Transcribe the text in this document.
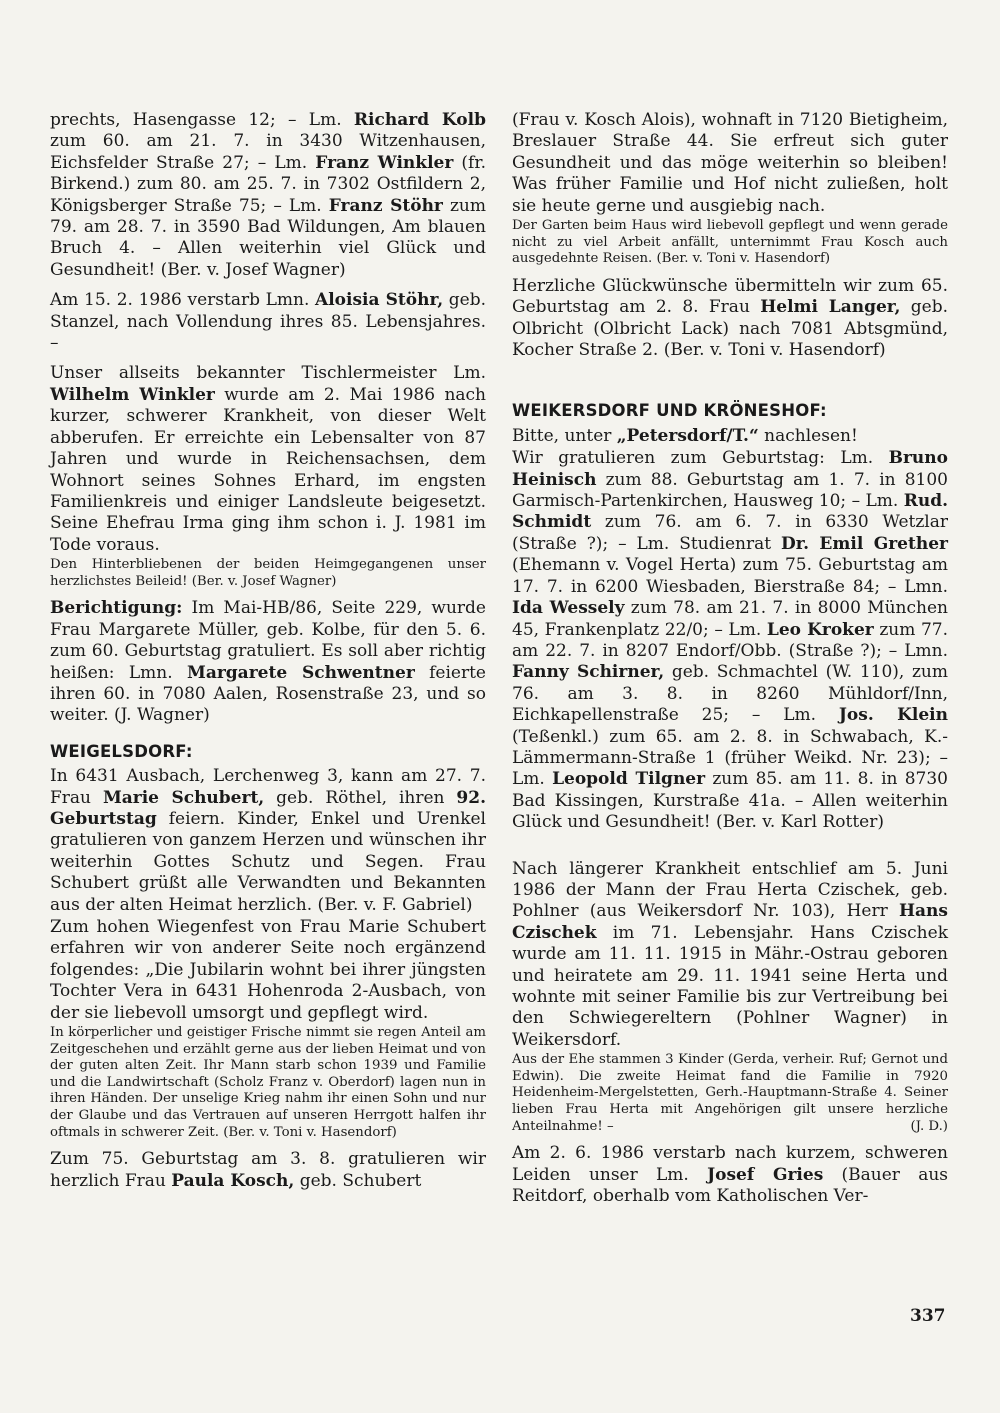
prechts, Hasengasse 12; – Lm. Richard Kolb zum 60. am 21. 7. in 3430 Witzenhausen, Eichsfelder Straße 27; – Lm. Franz Winkler (fr. Birkend.) zum 80. am 25. 7. in 7302 Ostfildern 2, Königsberger Straße 75; – Lm. Franz Stöhr zum 79. am 28. 7. in 3590 Bad Wildungen, Am blauen Bruch 4. – Allen weiterhin viel Glück und Gesundheit! (Ber. v. Josef Wagner)

Am 15. 2. 1986 verstarb Lmn. Aloisia Stöhr, geb. Stanzel, nach Vollendung ihres 85. Lebensjahres. –

Unser allseits bekannter Tischlermeister Lm. Wilhelm Winkler wurde am 2. Mai 1986 nach kurzer, schwerer Krankheit, von dieser Welt abberufen. Er erreichte ein Lebensalter von 87 Jahren und wurde in Reichensachsen, dem Wohnort seines Sohnes Erhard, im engsten Familienkreis und einiger Landsleute beigesetzt. Seine Ehefrau Irma ging ihm schon i. J. 1981 im Tode voraus.

Den Hinterbliebenen der beiden Heimgegangenen unser herzlichstes Beileid! (Ber. v. Josef Wagner)

Berichtigung: Im Mai-HB/86, Seite 229, wurde Frau Margarete Müller, geb. Kolbe, für den 5. 6. zum 60. Geburtstag gratuliert. Es soll aber richtig heißen: Lmn. Margarete Schwentner feierte ihren 60. in 7080 Aalen, Rosenstraße 23, und so weiter. (J. Wagner)

WEIGELSDORF:

In 6431 Ausbach, Lerchenweg 3, kann am 27. 7. Frau Marie Schubert, geb. Röthel, ihren 92. Geburtstag feiern. Kinder, Enkel und Urenkel gratulieren von ganzem Herzen und wünschen ihr weiterhin Gottes Schutz und Segen. Frau Schubert grüßt alle Verwandten und Bekannten aus der alten Heimat herzlich. (Ber. v. F. Gabriel)

Zum hohen Wiegenfest von Frau Marie Schubert erfahren wir von anderer Seite noch ergänzend folgendes: „Die Jubilarin wohnt bei ihrer jüngsten Tochter Vera in 6431 Hohenroda 2-Ausbach, von der sie liebevoll umsorgt und gepflegt wird.

In körperlicher und geistiger Frische nimmt sie regen Anteil am Zeitgeschehen und erzählt gerne aus der lieben Heimat und von der guten alten Zeit. Ihr Mann starb schon 1939 und Familie und die Landwirtschaft (Scholz Franz v. Oberdorf) lagen nun in ihren Händen. Der unselige Krieg nahm ihr einen Sohn und nur der Glaube und das Vertrauen auf unseren Herrgott halfen ihr oftmals in schwerer Zeit. (Ber. v. Toni v. Hasendorf)

Zum 75. Geburtstag am 3. 8. gratulieren wir herzlich Frau Paula Kosch, geb. Schubert

(Frau v. Kosch Alois), wohnaft in 7120 Bietigheim, Breslauer Straße 44. Sie erfreut sich guter Gesundheit und das möge weiterhin so bleiben! Was früher Familie und Hof nicht zuließen, holt sie heute gerne und ausgiebig nach.

Der Garten beim Haus wird liebevoll gepflegt und wenn gerade nicht zu viel Arbeit anfällt, unternimmt Frau Kosch auch ausgedehnte Reisen. (Ber. v. Toni v. Hasendorf)

Herzliche Glückwünsche übermitteln wir zum 65. Geburtstag am 2. 8. Frau Helmi Langer, geb. Olbricht (Olbricht Lack) nach 7081 Abtsgmünd, Kocher Straße 2. (Ber. v. Toni v. Hasendorf)

WEIKERSDORF UND KRÖNESHOF:

Bitte, unter „Petersdorf/T.“ nachlesen!

Wir gratulieren zum Geburtstag: Lm. Bruno Heinisch zum 88. Geburtstag am 1. 7. in 8100 Garmisch-Partenkirchen, Hausweg 10; – Lm. Rud. Schmidt zum 76. am 6. 7. in 6330 Wetzlar (Straße ?); – Lm. Studienrat Dr. Emil Grether (Ehemann v. Vogel Herta) zum 75. Geburtstag am 17. 7. in 6200 Wiesbaden, Bierstraße 84; – Lmn. Ida Wessely zum 78. am 21. 7. in 8000 München 45, Frankenplatz 22/0; – Lm. Leo Kroker zum 77. am 22. 7. in 8207 Endorf/Obb. (Straße ?); – Lmn. Fanny Schirner, geb. Schmachtel (W. 110), zum 76. am 3. 8. in 8260 Mühldorf/Inn, Eichkapellenstraße 25; – Lm. Jos. Klein (Teßenkl.) zum 65. am 2. 8. in Schwabach, K.-Lämmermann-Straße 1 (früher Weikd. Nr. 23); – Lm. Leopold Tilgner zum 85. am 11. 8. in 8730 Bad Kissingen, Kurstraße 41a. – Allen weiterhin Glück und Gesundheit! (Ber. v. Karl Rotter)

Nach längerer Krankheit entschlief am 5. Juni 1986 der Mann der Frau Herta Czischek, geb. Pohlner (aus Weikersdorf Nr. 103), Herr Hans Czischek im 71. Lebensjahr. Hans Czischek wurde am 11. 11. 1915 in Mähr.-Ostrau geboren und heiratete am 29. 11. 1941 seine Herta und wohnte mit seiner Familie bis zur Vertreibung bei den Schwiegereltern (Pohlner Wagner) in Weikersdorf.

Aus der Ehe stammen 3 Kinder (Gerda, verheir. Ruf; Gernot und Edwin). Die zweite Heimat fand die Familie in 7920 Heidenheim-Mergelstetten, Gerh.-Hauptmann-Straße 4. Seiner lieben Frau Herta mit Angehörigen gilt unsere herzliche Anteilnahme! –	(J. D.)

Am 2. 6. 1986 verstarb nach kurzem, schweren Leiden unser Lm. Josef Gries (Bauer aus Reitdorf, oberhalb vom Katholischen Ver-

337
